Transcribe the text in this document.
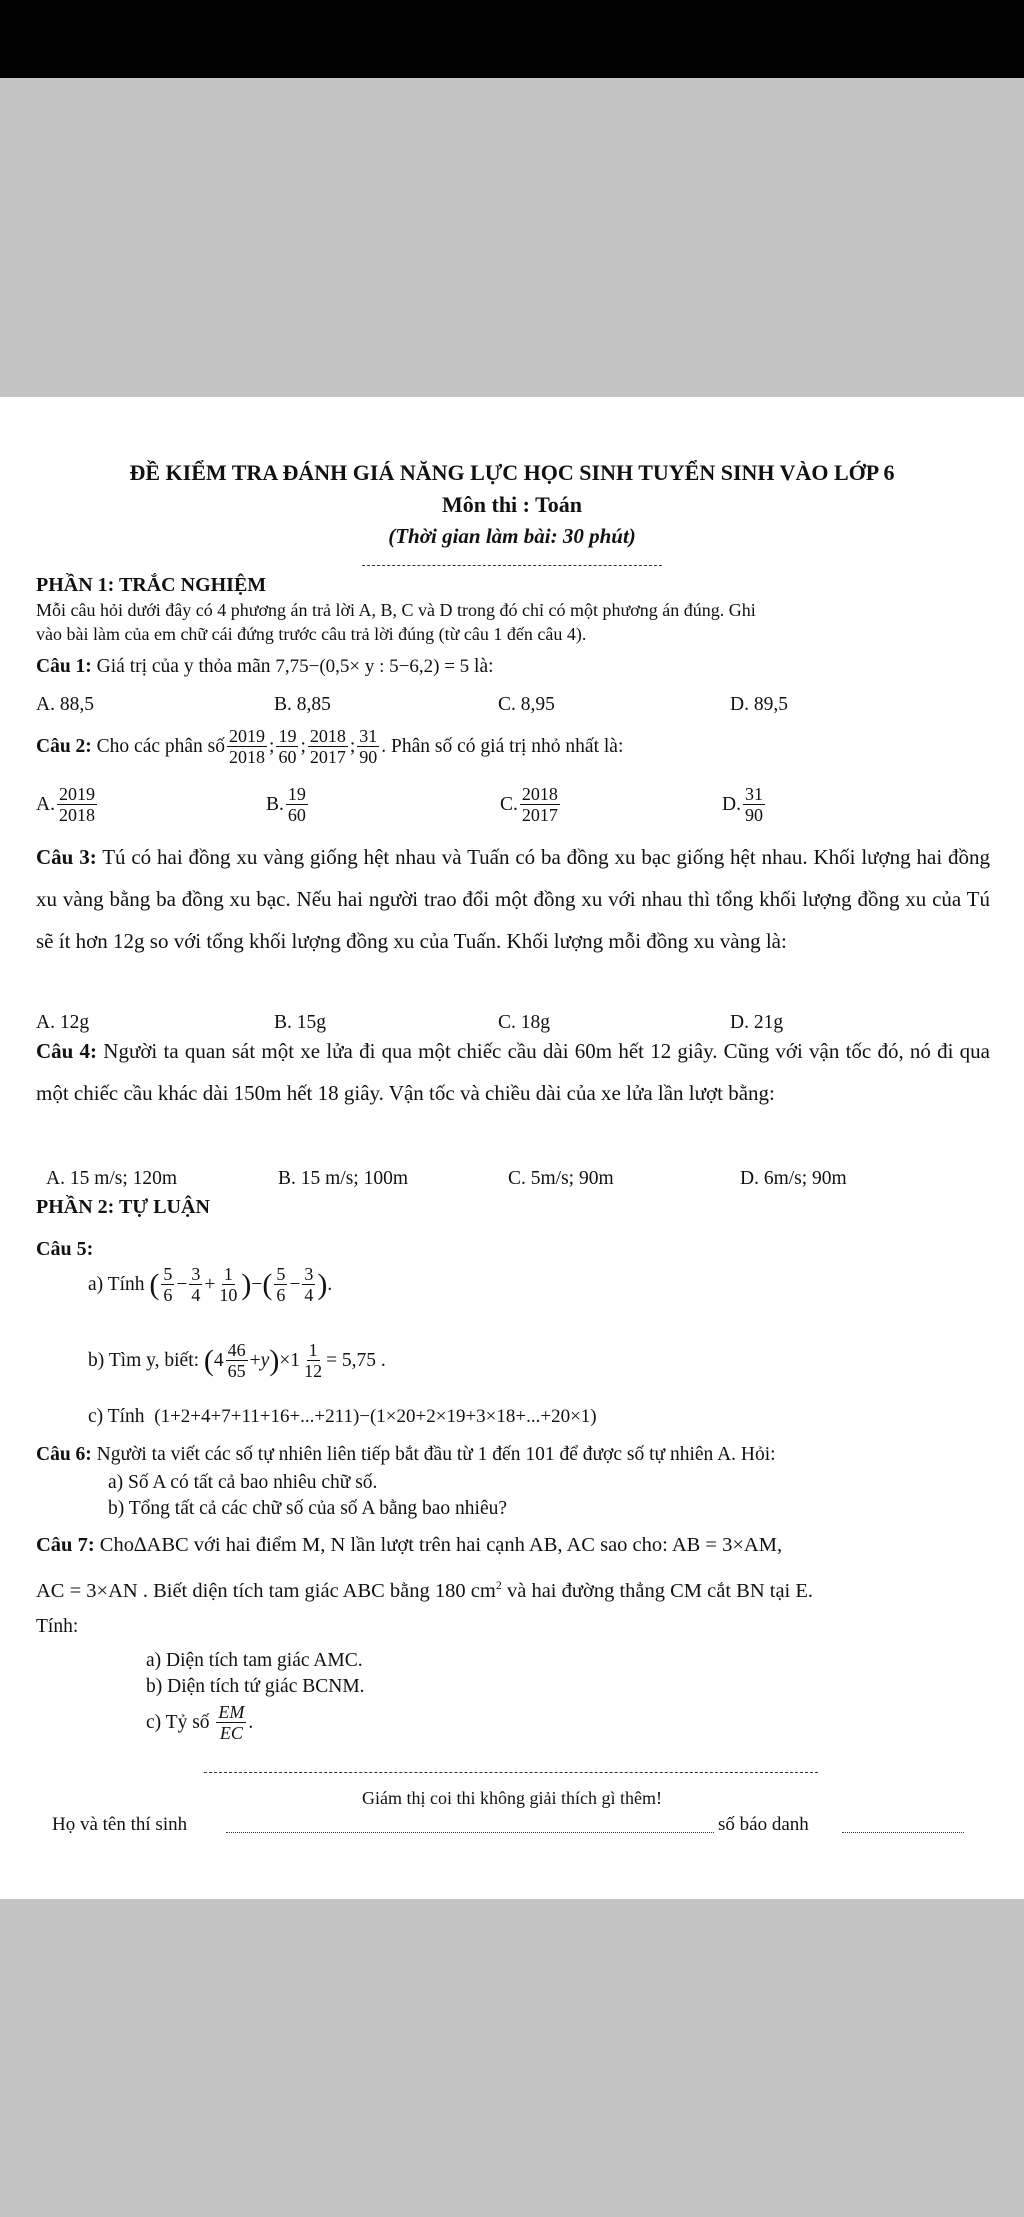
ĐỀ KIỂM TRA ĐÁNH GIÁ NĂNG LỰC HỌC SINH TUYỂN SINH VÀO LỚP 6
Môn thi : Toán
(Thời gian làm bài: 30 phút)
PHẦN 1: TRẮC NGHIỆM
Mỗi câu hỏi dưới đây có 4 phương án trả lời A, B, C và D trong đó chỉ có một phương án đúng. Ghi
vào bài làm của em chữ cái đứng trước câu trả lời đúng (từ câu 1 đến câu 4).
Câu 1: Giá trị của y thỏa mãn 7,75−(0,5× y : 5−6,2) = 5 là:
A. 88,5	B. 8,85	C. 8,95	D. 89,5
Câu 2:
Cho các phân số $\frac{2019}{2018}$ ; $\frac{19}{60}$ ; $\frac{2018}{2017}$ ; $\frac{31}{90}$ . Phân số có giá trị nhỏ nhất là:
A. $\frac{2019}{2018}$	B. $\frac{19}{60}$	C. $\frac{2018}{2017}$	D. $\frac{31}{90}$
Câu 3: Tú có hai đồng xu vàng giống hệt nhau và Tuấn có ba đồng xu bạc giống hệt nhau. Khối lượng hai đồng xu vàng bằng ba đồng xu bạc. Nếu hai người trao đổi một đồng xu với nhau thì tổng khối lượng đồng xu của Tú sẽ ít hơn 12g so với tổng khối lượng đồng xu của Tuấn. Khối lượng mỗi đồng xu vàng là:
A. 12g	B. 15g	C. 18g	D. 21g
Câu 4: Người ta quan sát một xe lửa đi qua một chiếc cầu dài 60m hết 12 giây. Cũng với vận tốc đó, nó đi qua một chiếc cầu khác dài 150m hết 18 giây. Vận tốc và chiều dài của xe lửa lần lượt bằng:
A. 15 m/s; 120m	B. 15 m/s; 100m	C. 5m/s; 90m	D. 6m/s; 90m
PHẦN 2: TỰ LUẬN
Câu 5:
a) Tính
( $\frac{5}{6} - \frac{3}{4} + \frac{1}{10}$ ) − ( $\frac{5}{6} - \frac{3}{4}$ ) .
b) Tìm y, biết:
( $4 \frac{46}{65} + y$ ) $\times 1 \frac{1}{12} = 5,75$ .
c) Tính (1+2+4+7+11+16+...+211)−(1×20+2×19+3×18+...+20×1)
Câu 6: Người ta viết các số tự nhiên liên tiếp bắt đầu từ 1 đến 101 để được số tự nhiên A. Hỏi:
a) Số A có tất cả bao nhiêu chữ số.
b) Tổng tất cả các chữ số của số A bằng bao nhiêu?
Câu 7: Cho∆ABC với hai điểm M, N lần lượt trên hai cạnh AB, AC sao cho: AB = 3×AM,
AC = 3×AN . Biết diện tích tam giác ABC bằng 180 $cm^2$ và hai đường thẳng CM cắt BN tại E.
Tính:
a) Diện tích tam giác AMC.
b) Diện tích tứ giác BCNM.
c) Tỷ số
$\frac{EM}{EC}$ .
Giám thị coi thi không giải thích gì thêm!
Họ và tên thí sinh	số báo danh
